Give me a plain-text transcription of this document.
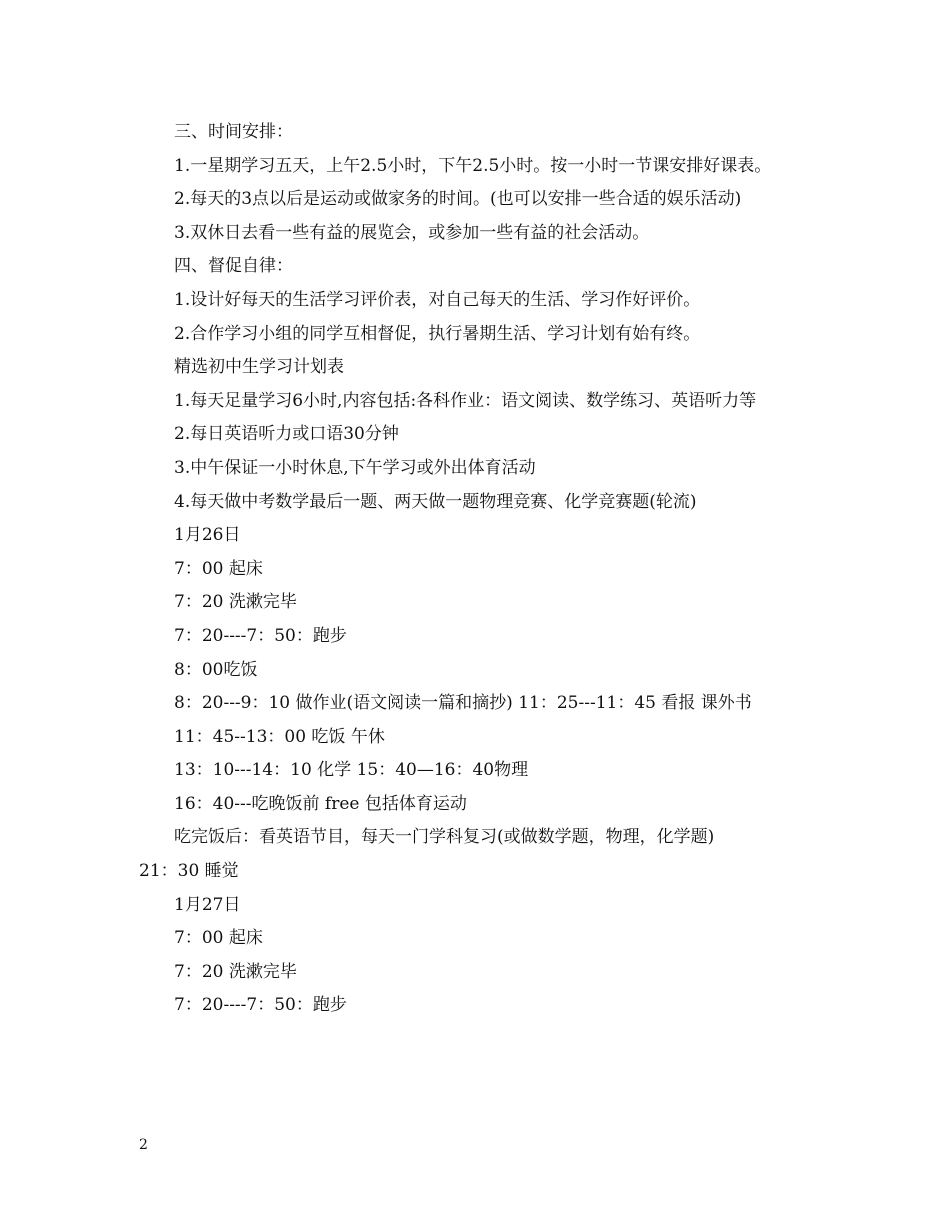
三、时间安排：

1.一星期学习五天，上午2.5小时，下午2.5小时。按一小时一节课安排好课表。

2.每天的3点以后是运动或做家务的时间。(也可以安排一些合适的娱乐活动)

3.双休日去看一些有益的展览会，或参加一些有益的社会活动。

四、督促自律：

1.设计好每天的生活学习评价表，对自己每天的生活、学习作好评价。

2.合作学习小组的同学互相督促，执行暑期生活、学习计划有始有终。

精选初中生学习计划表

1.每天足量学习6小时,内容包括:各科作业：语文阅读、数学练习、英语听力等

2.每日英语听力或口语30分钟

3.中午保证一小时休息,下午学习或外出体育活动

4.每天做中考数学最后一题、两天做一题物理竞赛、化学竞赛题(轮流)

1月26日

7：00 起床

7：20 洗漱完毕

7：20----7：50：跑步

8：00吃饭

8：20---9：10 做作业(语文阅读一篇和摘抄) 11：25---11：45 看报 课外书

11：45--13：00 吃饭 午休

13：10---14：10 化学 15：40—16：40物理

16：40---吃晚饭前 free 包括体育运动

吃完饭后：看英语节目，每天一门学科复习(或做数学题，物理，化学题)

21：30 睡觉

1月27日

7：00 起床

7：20 洗漱完毕

7：20----7：50：跑步

2
